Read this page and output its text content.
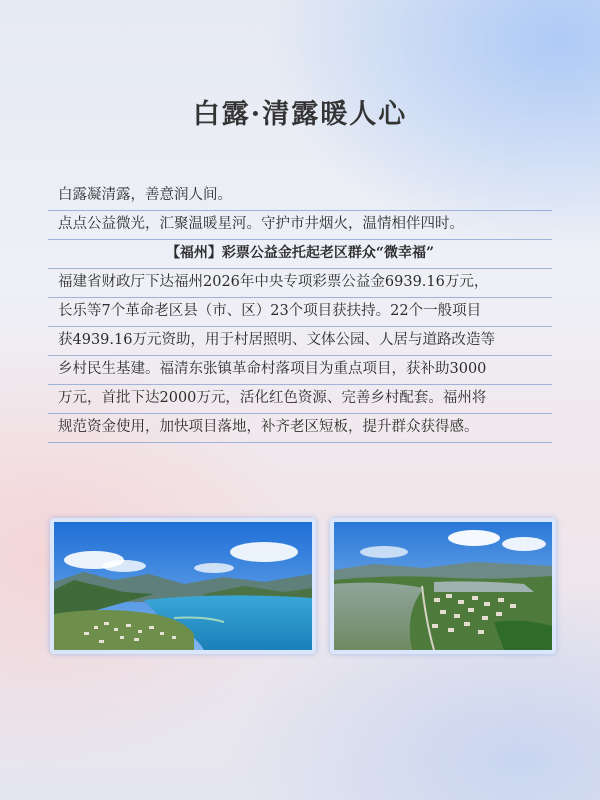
白露·清露暖人心
白露凝清露，善意润人间。
点点公益微光，汇聚温暖星河。守护市井烟火，温情相伴四时。
【福州】彩票公益金托起老区群众“微幸福”
福建省财政厅下达福州2026年中央专项彩票公益金6939.16万元，
长乐等7个革命老区县（市、区）23个项目获扶持。22个一般项目
获4939.16万元资助，用于村居照明、文体公园、人居与道路改造等
乡村民生基建。福清东张镇革命村落项目为重点项目，获补助3000
万元，首批下达2000万元，活化红色资源、完善乡村配套。福州将
规范资金使用，加快项目落地，补齐老区短板，提升群众获得感。
